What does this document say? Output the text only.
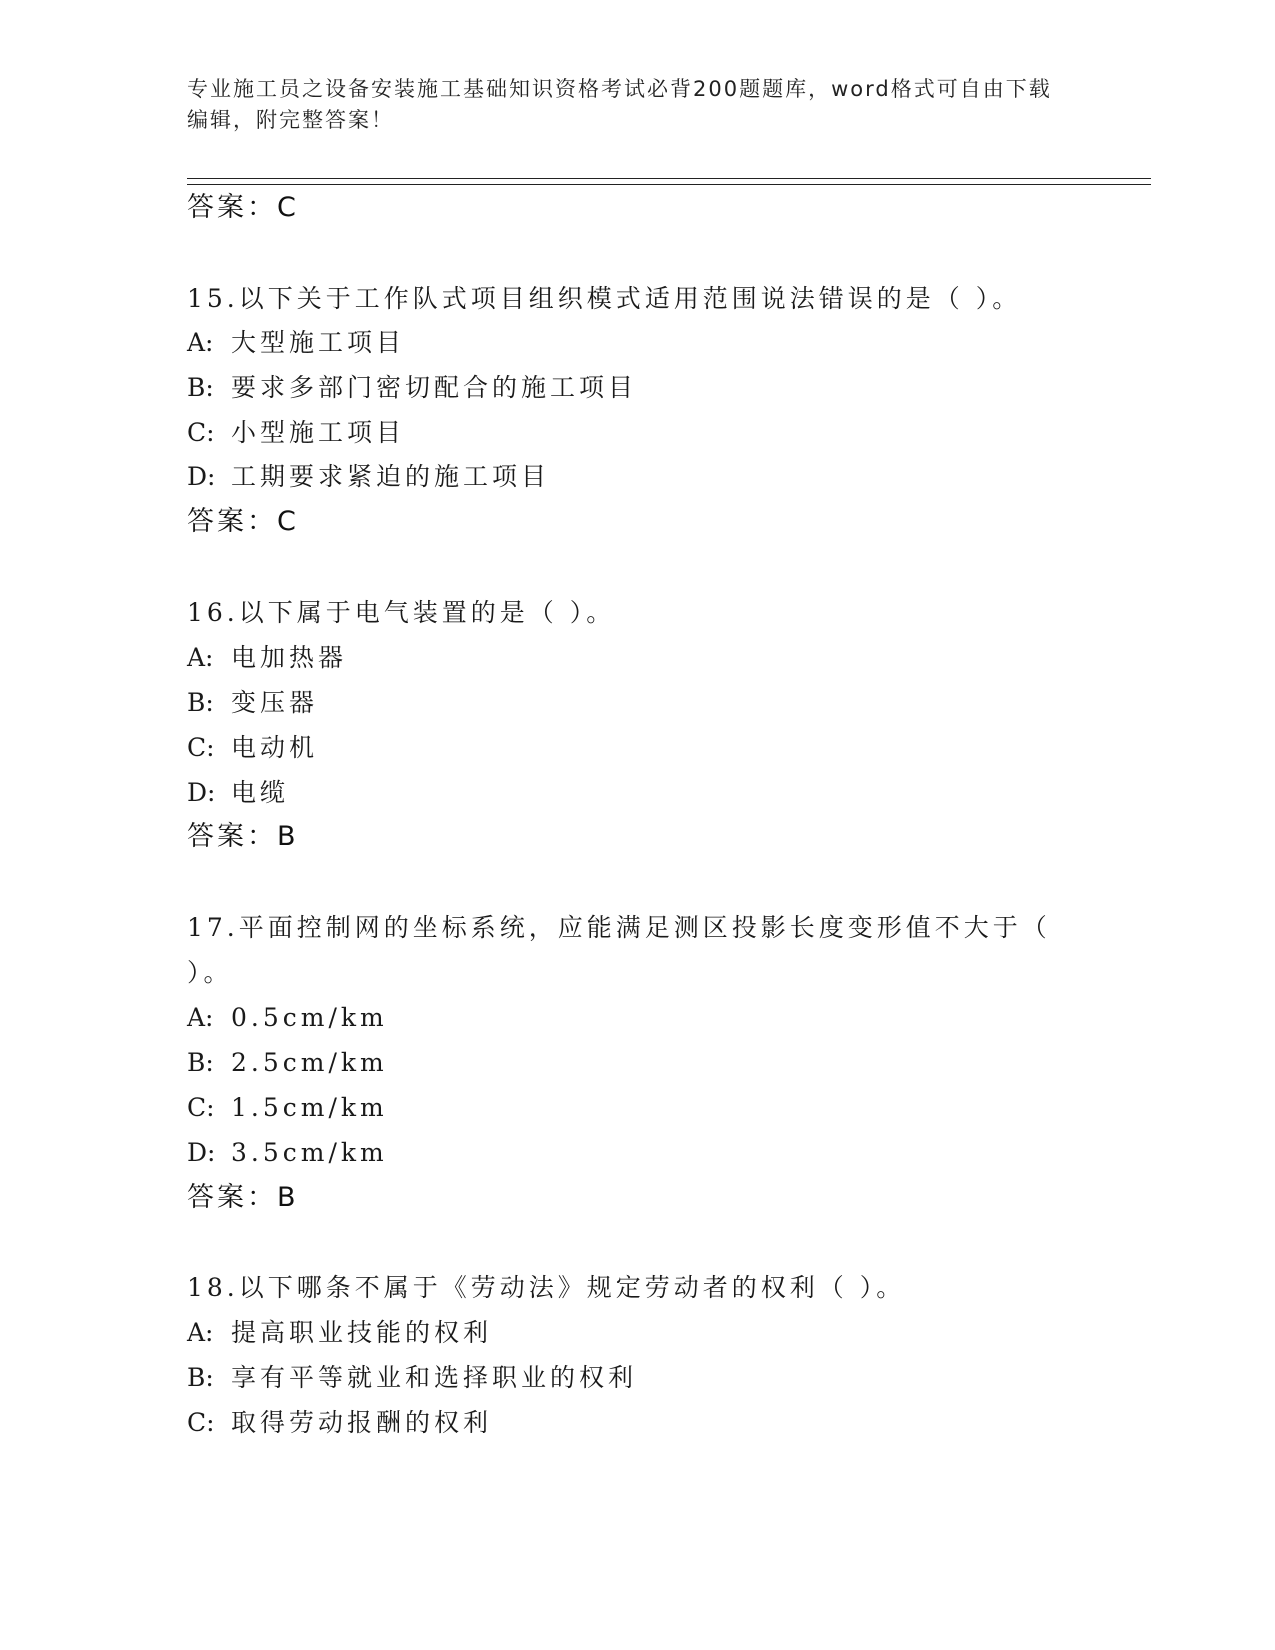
专业施工员之设备安装施工基础知识资格考试必背200题题库，word格式可自由下载编辑，附完整答案！
答案：C
15.以下关于工作队式项目组织模式适用范围说法错误的是（ ）。
A: 大型施工项目
B: 要求多部门密切配合的施工项目
C: 小型施工项目
D: 工期要求紧迫的施工项目
答案：C
16.以下属于电气装置的是（ ）。
A: 电加热器
B: 变压器
C: 电动机
D: 电缆
答案：B
17.平面控制网的坐标系统，应能满足测区投影长度变形值不大于（
）。
A: 0.5cm/km
B: 2.5cm/km
C: 1.5cm/km
D: 3.5cm/km
答案：B
18.以下哪条不属于《劳动法》规定劳动者的权利（ ）。
A: 提高职业技能的权利
B: 享有平等就业和选择职业的权利
C: 取得劳动报酬的权利
